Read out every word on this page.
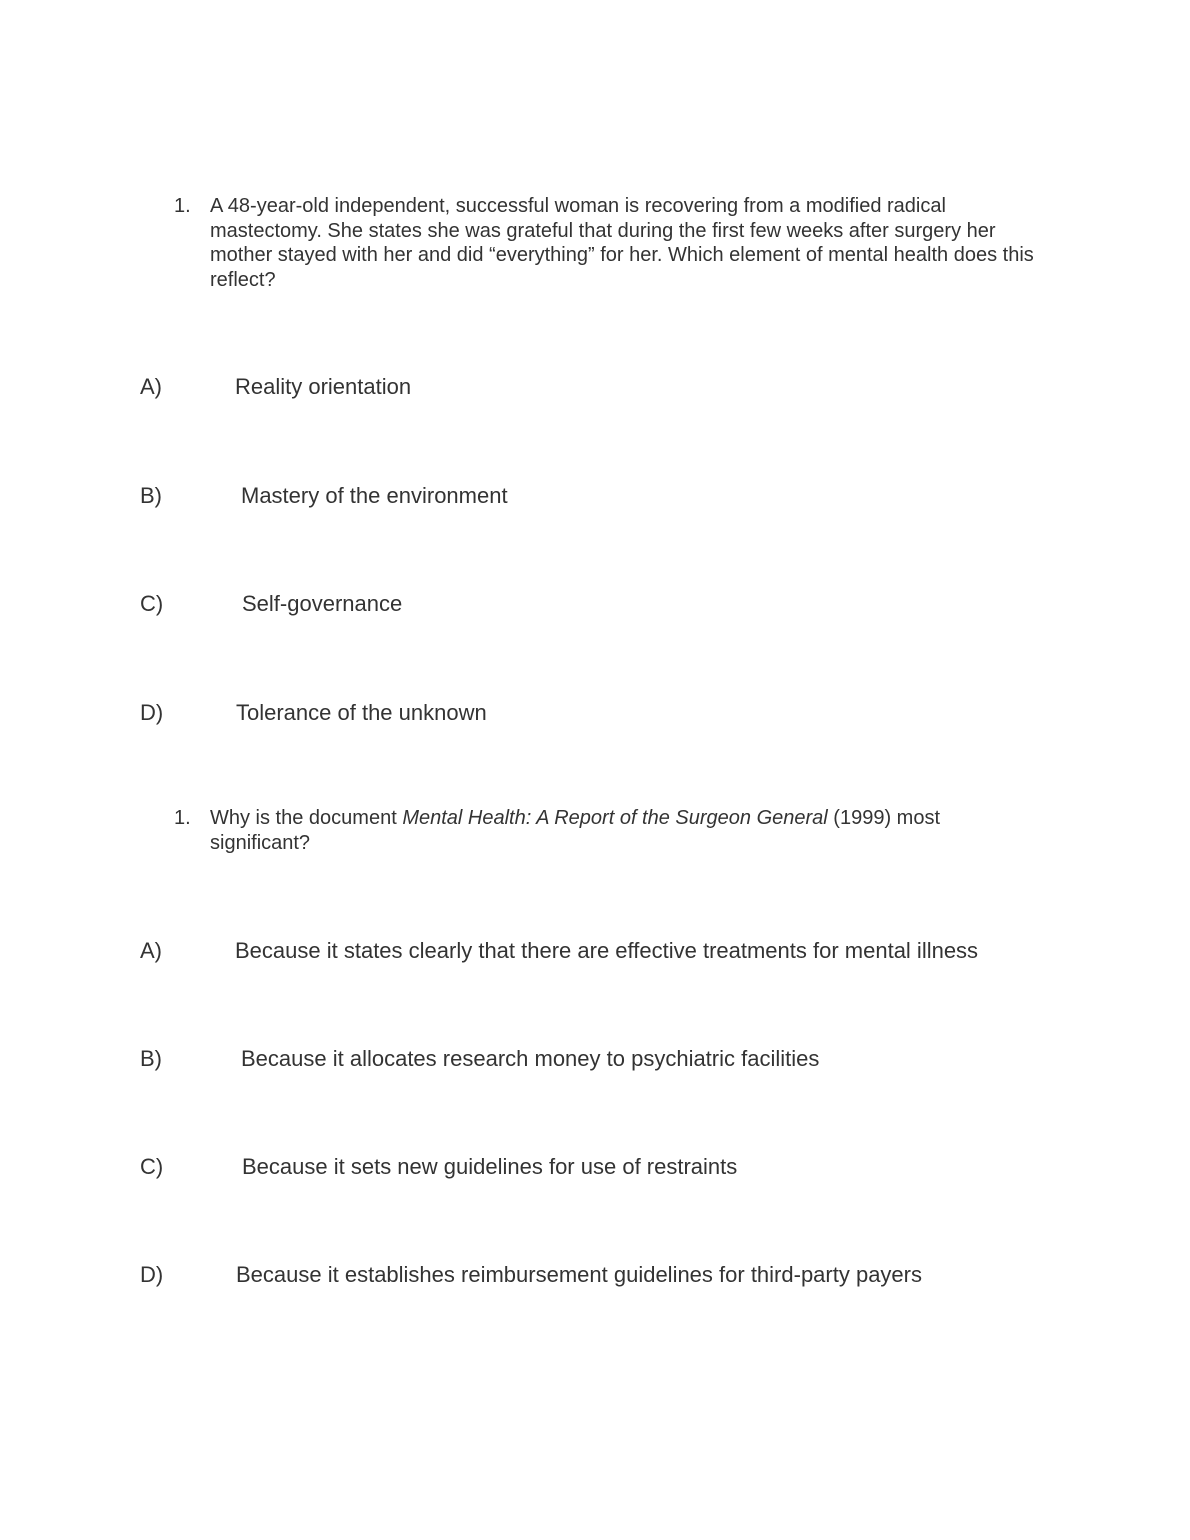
1. A 48-year-old independent, successful woman is recovering from a modified radical mastectomy. She states she was grateful that during the first few weeks after surgery her mother stayed with her and did “everything” for her. Which element of mental health does this reflect?
A)	Reality orientation
B)	Mastery of the environment
C)	Self-governance
D)	Tolerance of the unknown
1. Why is the document Mental Health: A Report of the Surgeon General (1999) most significant?
A)	Because it states clearly that there are effective treatments for mental illness
B)	Because it allocates research money to psychiatric facilities
C)	Because it sets new guidelines for use of restraints
D)	Because it establishes reimbursement guidelines for third-party payers
